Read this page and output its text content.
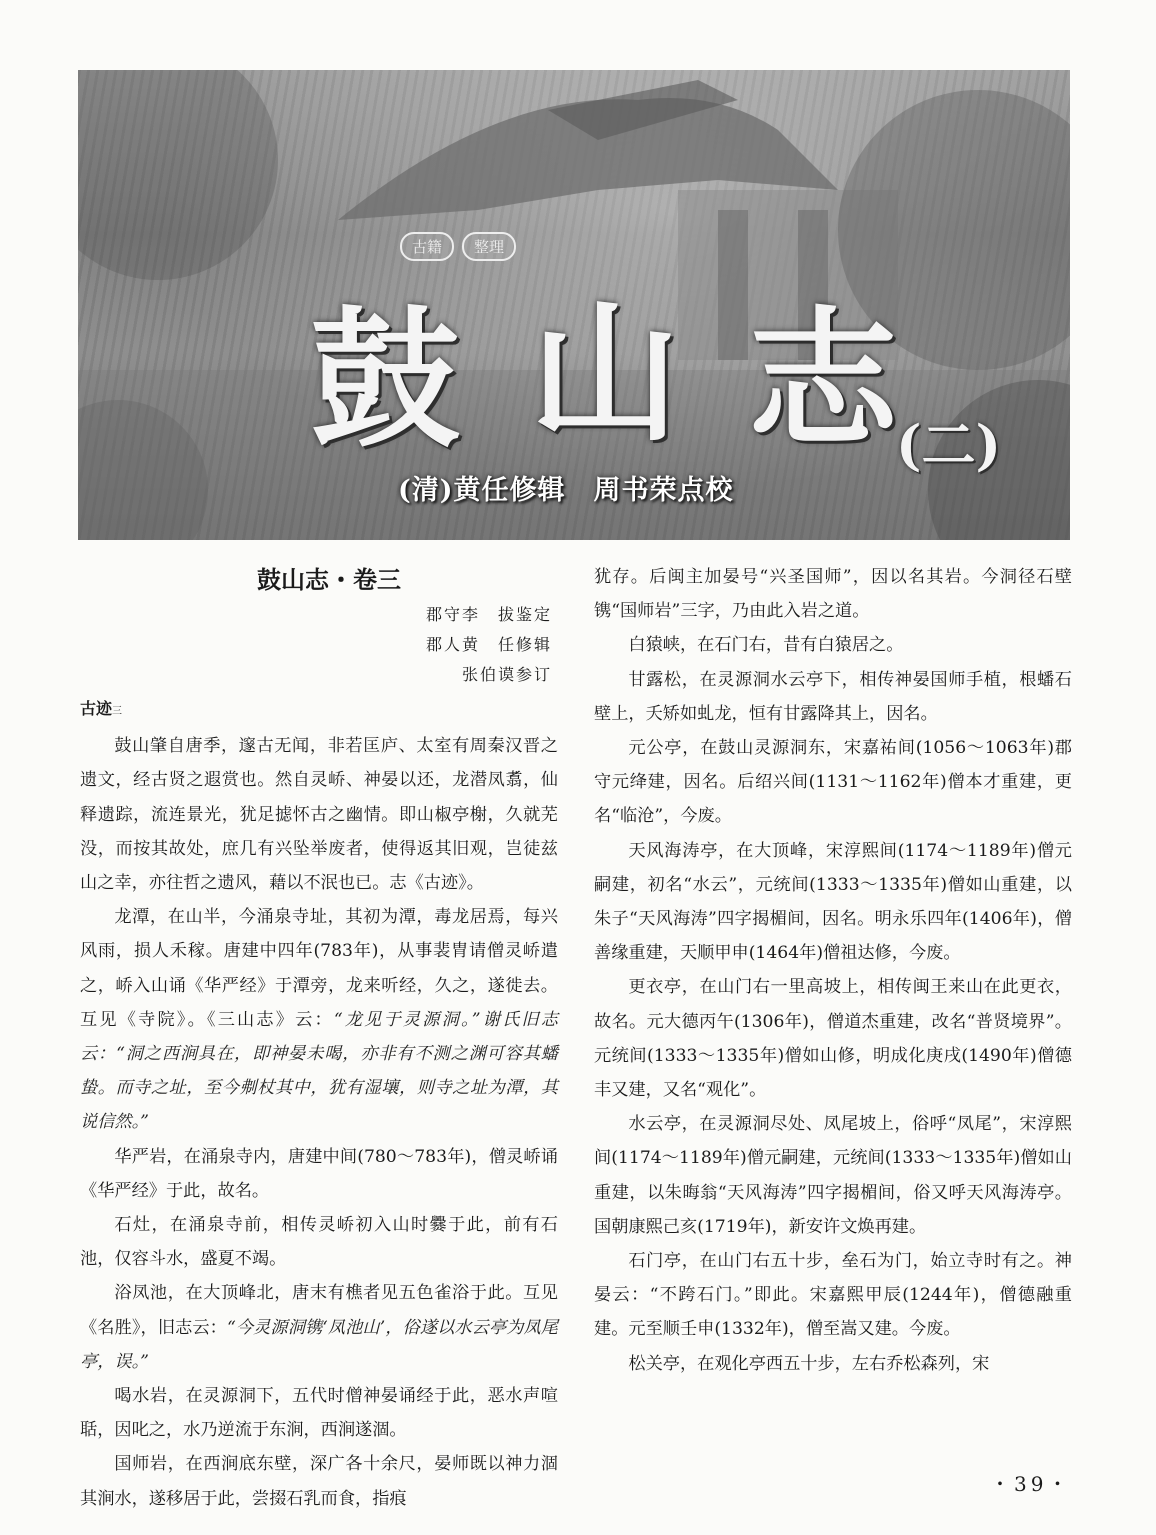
古籍	整理
鼓 山 志
(二)
(清)黄任修辑　周书荣点校
鼓山志・卷三
郡守李　拔鉴定
郡人黄　任修辑
张伯谟参订
古迹三

鼓山肇自唐季，邃古无闻，非若匡庐、太室有周秦汉晋之遗文，经古贤之遐赏也。然自灵峤、神晏以还，龙潜凤翥，仙释遗踪，流连景光，犹足摅怀古之幽情。即山椒亭榭，久就芜没，而按其故处，庶几有兴坠举废者，使得返其旧观，岂徒兹山之幸，亦往哲之遗风，藉以不泯也已。志《古迹》。

龙潭，在山半，今涌泉寺址，其初为潭，毒龙居焉，每兴风雨，损人禾稼。唐建中四年(783年)，从事裴胄请僧灵峤遣之，峤入山诵《华严经》于潭旁，龙来听经，久之，遂徙去。互见《寺院》。《三山志》云：“龙见于灵源洞。”谢氏旧志云：“洞之西涧具在，即神晏未喝，亦非有不测之渊可容其蟠蛰。而寺之址，至今刜杖其中，犹有湿壤，则寺之址为潭，其说信然。”

华严岩，在涌泉寺内，唐建中间(780～783年)，僧灵峤诵《华严经》于此，故名。

石灶，在涌泉寺前，相传灵峤初入山时爨于此，前有石池，仅容斗水，盛夏不竭。

浴凤池，在大顶峰北，唐末有樵者见五色雀浴于此。互见《名胜》，旧志云：“今灵源洞镌‘凤池山’，俗遂以水云亭为凤尾亭，误。”

喝水岩，在灵源洞下，五代时僧神晏诵经于此，恶水声喧聒，因叱之，水乃逆流于东涧，西涧遂涸。

国师岩，在西涧底东壁，深广各十余尺，晏师既以神力涸其涧水，遂移居于此，尝掇石乳而食，指痕

犹存。后闽主加晏号“兴圣国师”，因以名其岩。今洞径石壁镌“国师岩”三字，乃由此入岩之道。

白猿峡，在石门右，昔有白猿居之。

甘露松，在灵源洞水云亭下，相传神晏国师手植，根蟠石壁上，夭矫如虬龙，恒有甘露降其上，因名。

元公亭，在鼓山灵源洞东，宋嘉祐间(1056～1063年)郡守元绛建，因名。后绍兴间(1131～1162年)僧本才重建，更名“临沧”，今废。

天风海涛亭，在大顶峰，宋淳熙间(1174～1189年)僧元嗣建，初名“水云”，元统间(1333～1335年)僧如山重建，以朱子“天风海涛”四字揭楣间，因名。明永乐四年(1406年)，僧善缘重建，天顺甲申(1464年)僧祖达修，今废。

更衣亭，在山门右一里高坡上，相传闽王来山在此更衣，故名。元大德丙午(1306年)，僧道杰重建，改名“普贤境界”。元统间(1333～1335年)僧如山修，明成化庚戌(1490年)僧德丰又建，又名“观化”。

水云亭，在灵源洞尽处、凤尾坡上，俗呼“凤尾”，宋淳熙间(1174～1189年)僧元嗣建，元统间(1333～1335年)僧如山重建，以朱晦翁“天风海涛”四字揭楣间，俗又呼天风海涛亭。国朝康熙己亥(1719年)，新安许文焕再建。

石门亭，在山门右五十步，垒石为门，始立寺时有之。神晏云：“不跨石门。”即此。宋嘉熙甲辰(1244年)，僧德融重建。元至顺壬申(1332年)，僧至嵩又建。今废。

松关亭，在观化亭西五十步，左右乔松森列，宋

・39・
